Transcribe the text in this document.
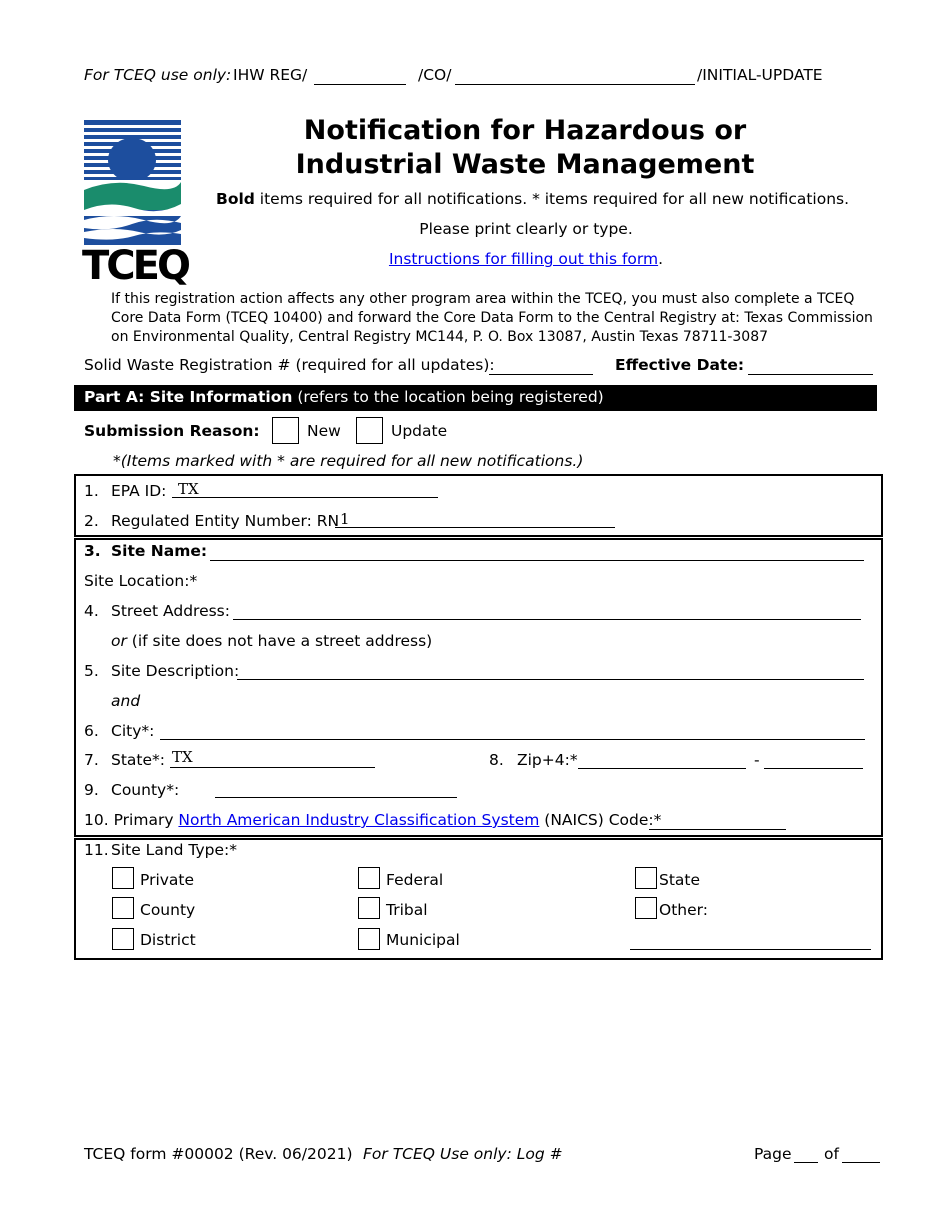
For TCEQ use only: IHW REG/	/CO/	/INITIAL-UPDATE
TCEQ
Notification for Hazardous or
Industrial Waste Management
Bold items required for all notifications. * items required for all new notifications.
Please print clearly or type.
Instructions for filling out this form.
If this registration action affects any other program area within the TCEQ, you must also complete a TCEQ
Core Data Form (TCEQ 10400) and forward the Core Data Form to the Central Registry at: Texas Commission
on Environmental Quality, Central Registry MC144, P. O. Box 13087, Austin Texas 78711-3087
Solid Waste Registration # (required for all updates):	Effective Date:
Part A: Site Information (refers to the location being registered)
Submission Reason:	New	Update
*(Items marked with * are required for all new notifications.)
1. EPA ID: TX
2. Regulated Entity Number: RN 1
3. Site Name:
Site Location:*
4. Street Address:
or (if site does not have a street address)
5. Site Description:
and
6. City*:
7. State*: TX	8. Zip+4:*	-
9. County*:
10. Primary North American Industry Classification System (NAICS) Code:*
11. Site Land Type:*
Private	Federal	State
County	Tribal	Other:
District	Municipal
TCEQ form #00002 (Rev. 06/2021) For TCEQ Use only: Log #	Page of
